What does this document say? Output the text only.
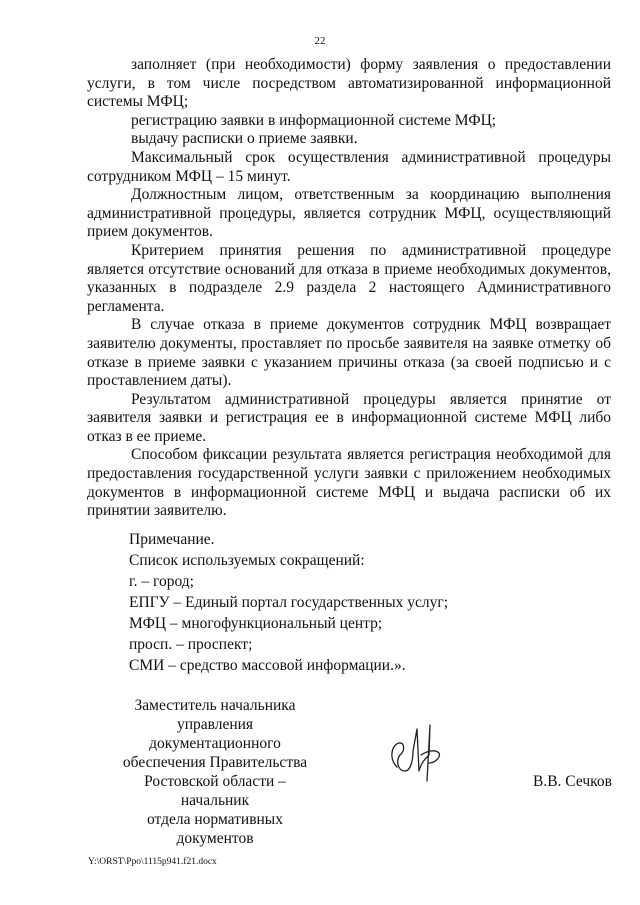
22

заполняет (при необходимости) форму заявления о предоставлении услуги, в том числе посредством автоматизированной информационной системы МФЦ;

регистрацию заявки в информационной системе МФЦ;

выдачу расписки о приеме заявки.

Максимальный срок осуществления административной процедуры сотрудником МФЦ – 15 минут.

Должностным лицом, ответственным за координацию выполнения административной процедуры, является сотрудник МФЦ, осуществляющий прием документов.

Критерием принятия решения по административной процедуре является отсутствие оснований для отказа в приеме необходимых документов, указанных в подразделе 2.9 раздела 2 настоящего Административного регламента.

В случае отказа в приеме документов сотрудник МФЦ возвращает заявителю документы, проставляет по просьбе заявителя на заявке отметку об отказе в приеме заявки с указанием причины отказа (за своей подписью и с проставлением даты).

Результатом административной процедуры является принятие от заявителя заявки и регистрация ее в информационной системе МФЦ либо отказ в ее приеме.

Способом фиксации результата является регистрация необходимой для предоставления государственной услуги заявки с приложением необходимых документов в информационной системе МФЦ и выдача расписки об их принятии заявителю.

Примечание.
Список используемых сокращений:
г. – город;
ЕПГУ – Единый портал государственных услуг;
МФЦ – многофункциональный центр;
просп. – проспект;
СМИ – средство массовой информации.».
Заместитель начальника
управления документационного
обеспечения Правительства
Ростовской области – начальник
отдела нормативных документов
В.В. Сечков
Y:\ORST\Ppo\1115p941.f21.docx
